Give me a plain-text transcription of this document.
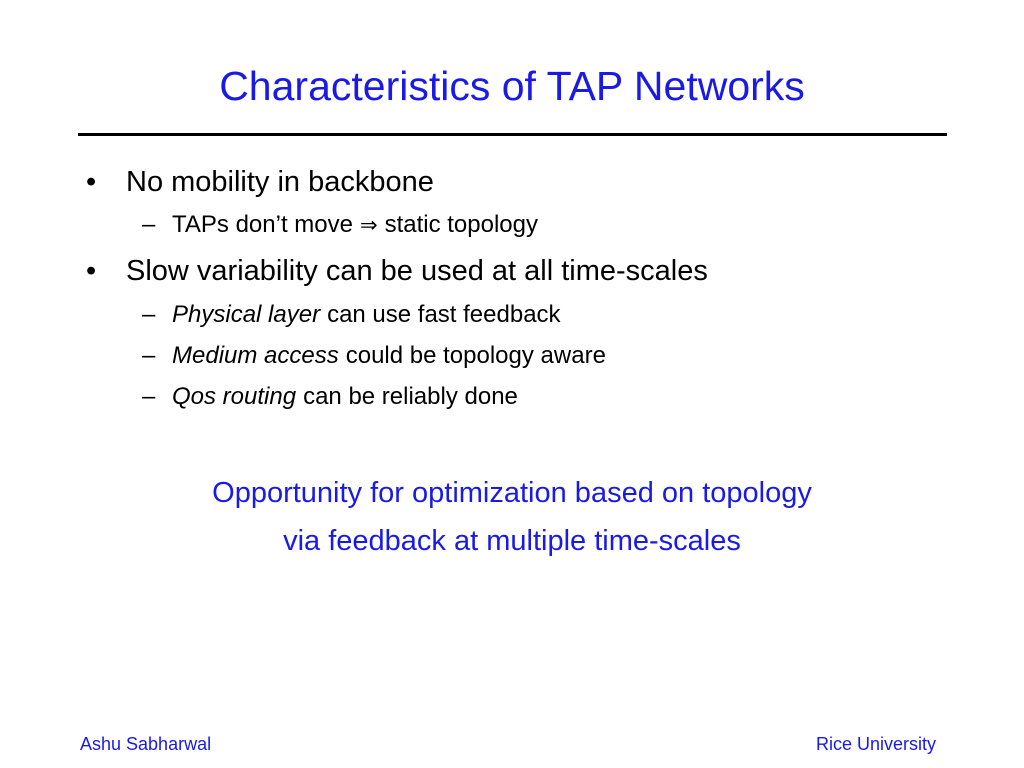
Characteristics of TAP Networks
•	No mobility in backbone
– TAPs don’t move ⇒ static topology
•	Slow variability can be used at all time-scales
– Physical layer can use fast feedback
– Medium access could be topology aware
– Qos routing can be reliably done
Opportunity for optimization based on topology
via feedback at multiple time-scales
Ashu Sabharwal	Rice University
